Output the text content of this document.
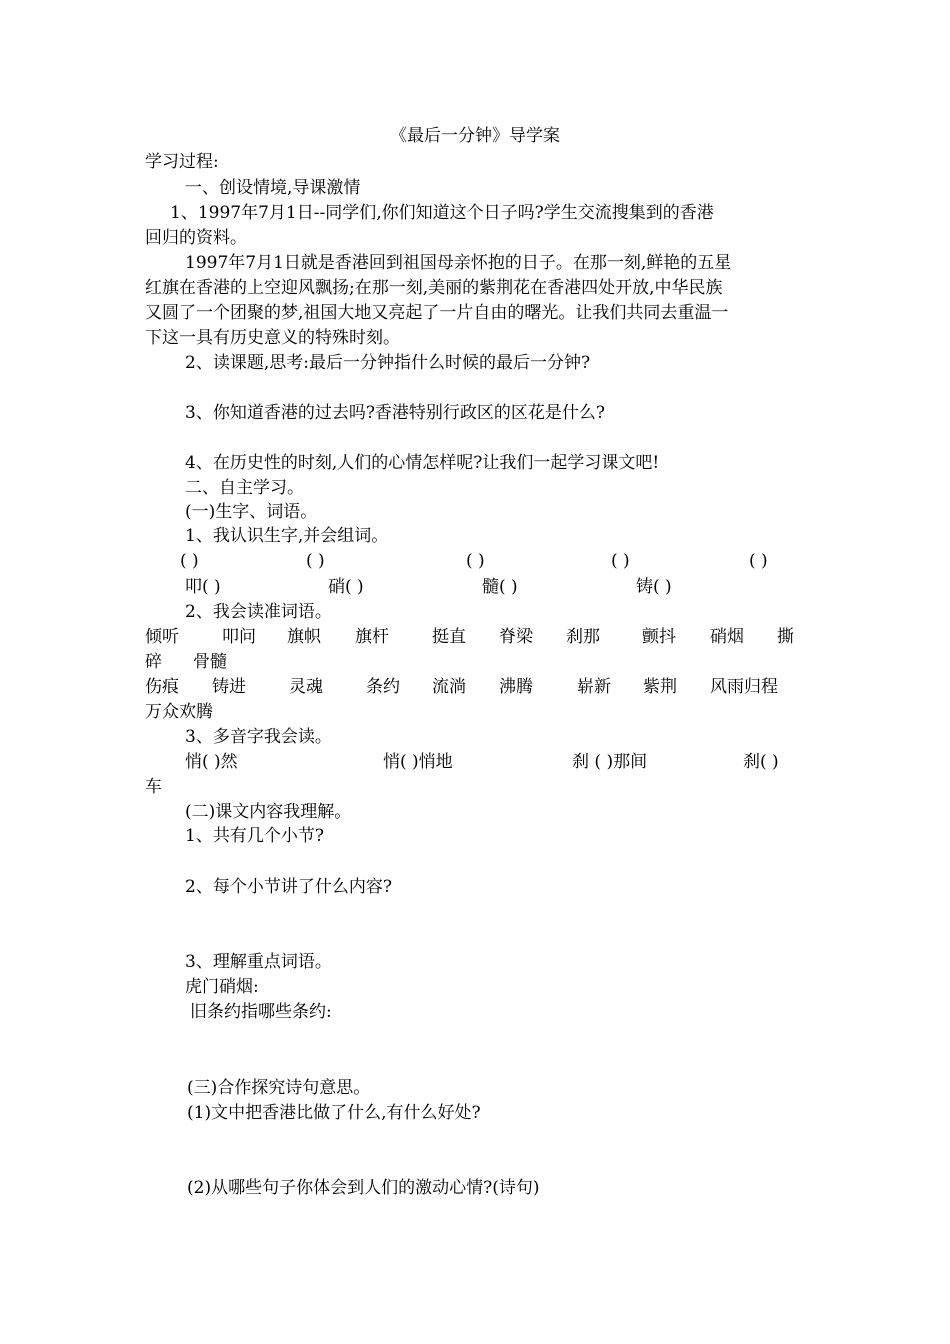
《最后一分钟》导学案
学习过程:
一、创设情境,导课激情
1、1997年7月1日--同学们,你们知道这个日子吗?学生交流搜集到的香港
回归的资料。
1997年7月1日就是香港回到祖国母亲怀抱的日子。在那一刻,鲜艳的五星
红旗在香港的上空迎风飘扬;在那一刻,美丽的紫荆花在香港四处开放,中华民族
又圆了一个团聚的梦,祖国大地又亮起了一片自由的曙光。让我们共同去重温一
下这一具有历史意义的特殊时刻。
2、读课题,思考:最后一分钟指什么时候的最后一分钟?
3、你知道香港的过去吗?香港特别行政区的区花是什么?
4、在历史性的时刻,人们的心情怎样呢?让我们一起学习课文吧!
二、自主学习。
(一)生字、词语。
1、我认识生字,并会组词。
( )	( )	( )	( )	( )
叩( )	硝( )	髓( )	铸( )
2、我会读准词语。
倾听	叩问 旗帜 旗杆	挺直 脊梁 刹那 颤抖 硝烟 撕
碎 骨髓
伤痕 铸进	灵魂	条约 流淌 沸腾	崭新 紫荆 风雨归程
万众欢腾
3、多音字我会读。
悄( )然	悄( )悄地	刹 ( )那间	刹( )
车
(二)课文内容我理解。
1、共有几个小节?
2、每个小节讲了什么内容?
3、理解重点词语。
虎门硝烟:
旧条约指哪些条约:
(三)合作探究诗句意思。
(1)文中把香港比做了什么,有什么好处?
(2)从哪些句子你体会到人们的激动心情?(诗句)
